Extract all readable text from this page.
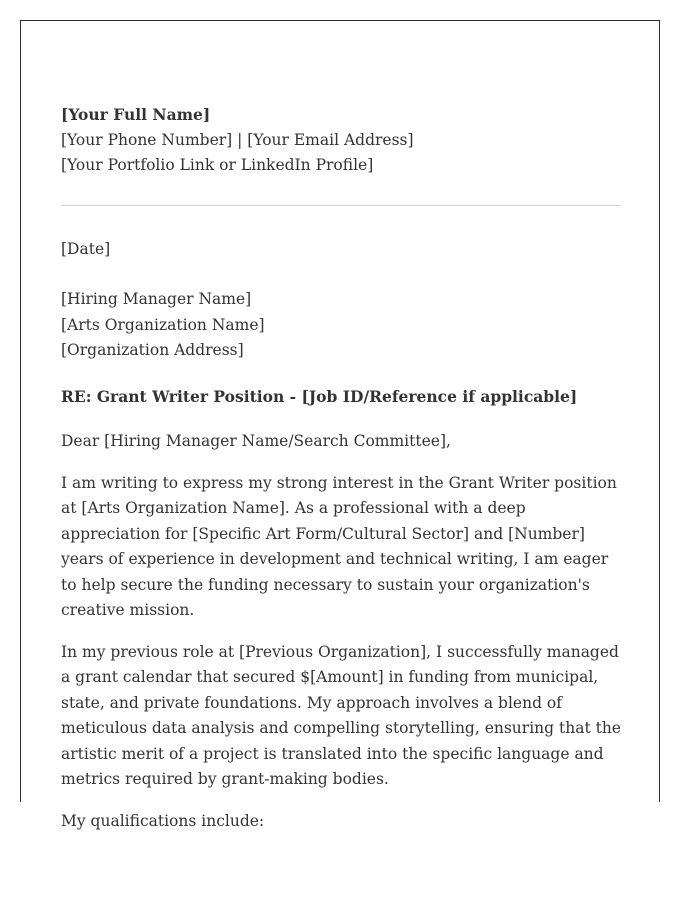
[Your Full Name]

[Your Phone Number] | [Your Email Address]

[Your Portfolio Link or LinkedIn Profile]

[Date]

[Hiring Manager Name]

[Arts Organization Name]

[Organization Address]

RE: Grant Writer Position - [Job ID/Reference if applicable]

Dear [Hiring Manager Name/Search Committee],

I am writing to express my strong interest in the Grant Writer position at [Arts Organization Name]. As a professional with a deep appreciation for [Specific Art Form/Cultural Sector] and [Number] years of experience in development and technical writing, I am eager to help secure the funding necessary to sustain your organization's creative mission.

In my previous role at [Previous Organization], I successfully managed a grant calendar that secured $[Amount] in funding from municipal, state, and private foundations. My approach involves a blend of meticulous data analysis and compelling storytelling, ensuring that the artistic merit of a project is translated into the specific language and metrics required by grant-making bodies.

My qualifications include:
